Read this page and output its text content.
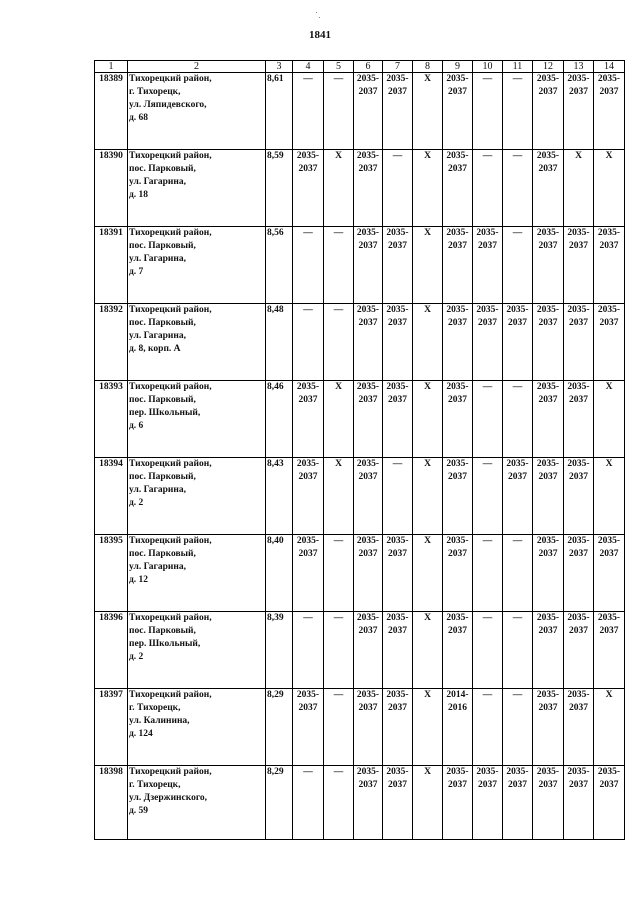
1841
1	2	3	4	5	6	7	8	9	10	11	12	13	14
18389	Тихорецкий район,
г. Тихорецк,
ул. Ляпидевского,
д. 68	8,61	—	—	2035-
2037	2035-
2037	X	2035-
2037	—	—	2035-
2037	2035-
2037	2035-
2037

18390	Тихорецкий район,
пос. Парковый,
ул. Гагарина,
д. 18	8,59	2035-
2037	X	2035-
2037	—	X	2035-
2037	—	—	2035-
2037	X	X

18391	Тихорецкий район,
пос. Парковый,
ул. Гагарина,
д. 7	8,56	—	—	2035-
2037	2035-
2037	X	2035-
2037	2035-
2037	—	2035-
2037	2035-
2037	2035-
2037

18392	Тихорецкий район,
пос. Парковый,
ул. Гагарина,
д. 8, корп. А	8,48	—	—	2035-
2037	2035-
2037	X	2035-
2037	2035-
2037	2035-
2037	2035-
2037	2035-
2037	2035-
2037

18393	Тихорецкий район,
пос. Парковый,
пер. Школьный,
д. 6	8,46	2035-
2037	X	2035-
2037	2035-
2037	X	2035-
2037	—	—	2035-
2037	2035-
2037	X

18394	Тихорецкий район,
пос. Парковый,
ул. Гагарина,
д. 2	8,43	2035-
2037	X	2035-
2037	—	X	2035-
2037	—	2035-
2037	2035-
2037	2035-
2037	X

18395	Тихорецкий район,
пос. Парковый,
ул. Гагарина,
д. 12	8,40	2035-
2037	—	2035-
2037	2035-
2037	X	2035-
2037	—	—	2035-
2037	2035-
2037	2035-
2037

18396	Тихорецкий район,
пос. Парковый,
пер. Школьный,
д. 2	8,39	—	—	2035-
2037	2035-
2037	X	2035-
2037	—	—	2035-
2037	2035-
2037	2035-
2037

18397	Тихорецкий район,
г. Тихорецк,
ул. Калинина,
д. 124	8,29	2035-
2037	—	2035-
2037	2035-
2037	X	2014-
2016	—	—	2035-
2037	2035-
2037	X

18398	Тихорецкий район,
г. Тихорецк,
ул. Дзержинского,
д. 59	8,29	—	—	2035-
2037	2035-
2037	X	2035-
2037	2035-
2037	2035-
2037	2035-
2037	2035-
2037	2035-
2037
